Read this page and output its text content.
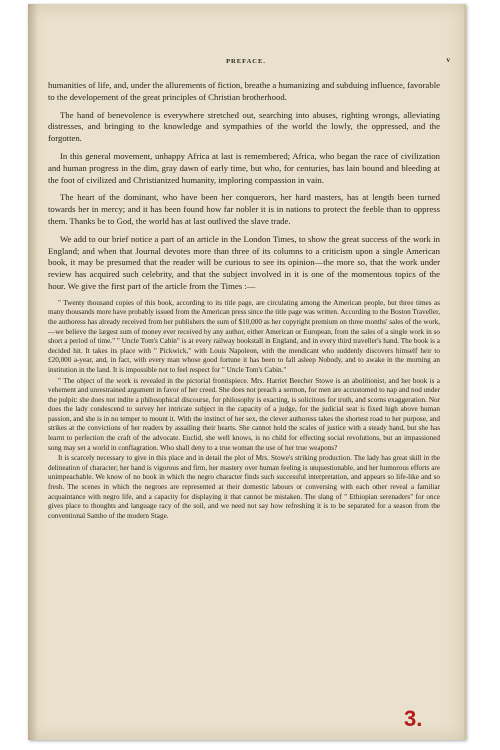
PREFACE.	v

humanities of life, and, under the allurements of fiction, breathe a humanizing and subduing influence, favorable to the developement of the great principles of Christian brotherhood.

The hand of benevolence is everywhere stretched out, searching into abuses, righting wrongs, alleviating distresses, and bringing to the knowledge and sympathies of the world the lowly, the oppressed, and the forgotten.

In this general movement, unhappy Africa at last is remembered; Africa, who began the race of civilization and human progress in the dim, gray dawn of early time, but who, for centuries, has lain bound and bleeding at the foot of civilized and Christianized humanity, imploring compassion in vain.

The heart of the dominant, who have been her conquerors, her hard masters, has at length been turned towards her in mercy; and it has been found how far nobler it is in nations to protect the feeble than to oppress them. Thanks be to God, the world has at last outlived the slave trade.

We add to our brief notice a part of an article in the London Times, to show the great success of the work in England; and when that Journal devotes more than three of its columns to a criticism upon a single American book, it may be presumed that the reader will be curious to see its opinion—the more so, that the work under review has acquired such celebrity, and that the subject involved in it is one of the momentous topics of the hour. We give the first part of the article from the Times :—

" Twenty thousand copies of this book, according to its title page, are circulating among the American people, but three times as many thousands more have probably issued from the American press since the title page was written. According to the Boston Traveller, the authoress has already received from her publishers the sum of $10,000 as her copyright premium on three months' sales of the work,—we believe the largest sum of money ever received by any author, either American or European, from the sales of a single work in so short a period of time." " Uncle Tom's Cabin" is at every railway bookstall in England, and in every third traveller's hand. The book is a decided hit. It takes its place with " Pickwick," with Louis Napoleon, with the mendicant who suddenly discovers himself heir to £20,000 a-year, and, in fact, with every man whose good fortune it has been to fall asleep Nobody, and to awake in the morning an institution in the land. It is impossible not to feel respect for " Uncle Tom's Cabin."

" The object of the work is revealed in the pictorial frontispiece. Mrs. Harriet Beecher Stowe is an abolitionist, and her book is a vehement and unrestrained argument in favor of her creed. She does not preach a sermon, for men are accustomed to nap and nod under the pulpit: she does not indite a philosophical discourse, for philosophy is exacting, is solicitous for truth, and scorns exaggeration. Nor does the lady condescend to survey her intricate subject in the capacity of a judge, for the judicial seat is fixed high above human passion, and she is in no temper to mount it. With the instinct of her sex, the clever authoress takes the shortest road to her purpose, and strikes at the convictions of her readers by assailing their hearts. She cannot hold the scales of justice with a steady hand, but she has learnt to perfection the craft of the advocate. Euclid, she well knows, is no child for effecting social revolutions, but an impassioned song may set a world in conflagration. Who shall deny to a true woman the use of her true weapons?

It is scarcely necessary to give in this place and in detail the plot of Mrs. Stowe's striking production. The lady has great skill in the delineation of character; her hand is vigorous and firm, her mastery over human feeling is unquestionable, and her humorous efforts are unimpeachable. We know of no book in which the negro character finds such successful interpretation, and appears so life-like and so fresh. The scenes in which the negroes are represented at their domestic labours or conversing with each other reveal a familiar acquaintance with negro life, and a capacity for displaying it that cannot be mistaken. The slang of " Ethiopian serenaders" for once gives place to thoughts and language racy of the soil, and we need not say how refreshing it is to be separated for a season from the conventional Sambo of the modern Stage.

3.
